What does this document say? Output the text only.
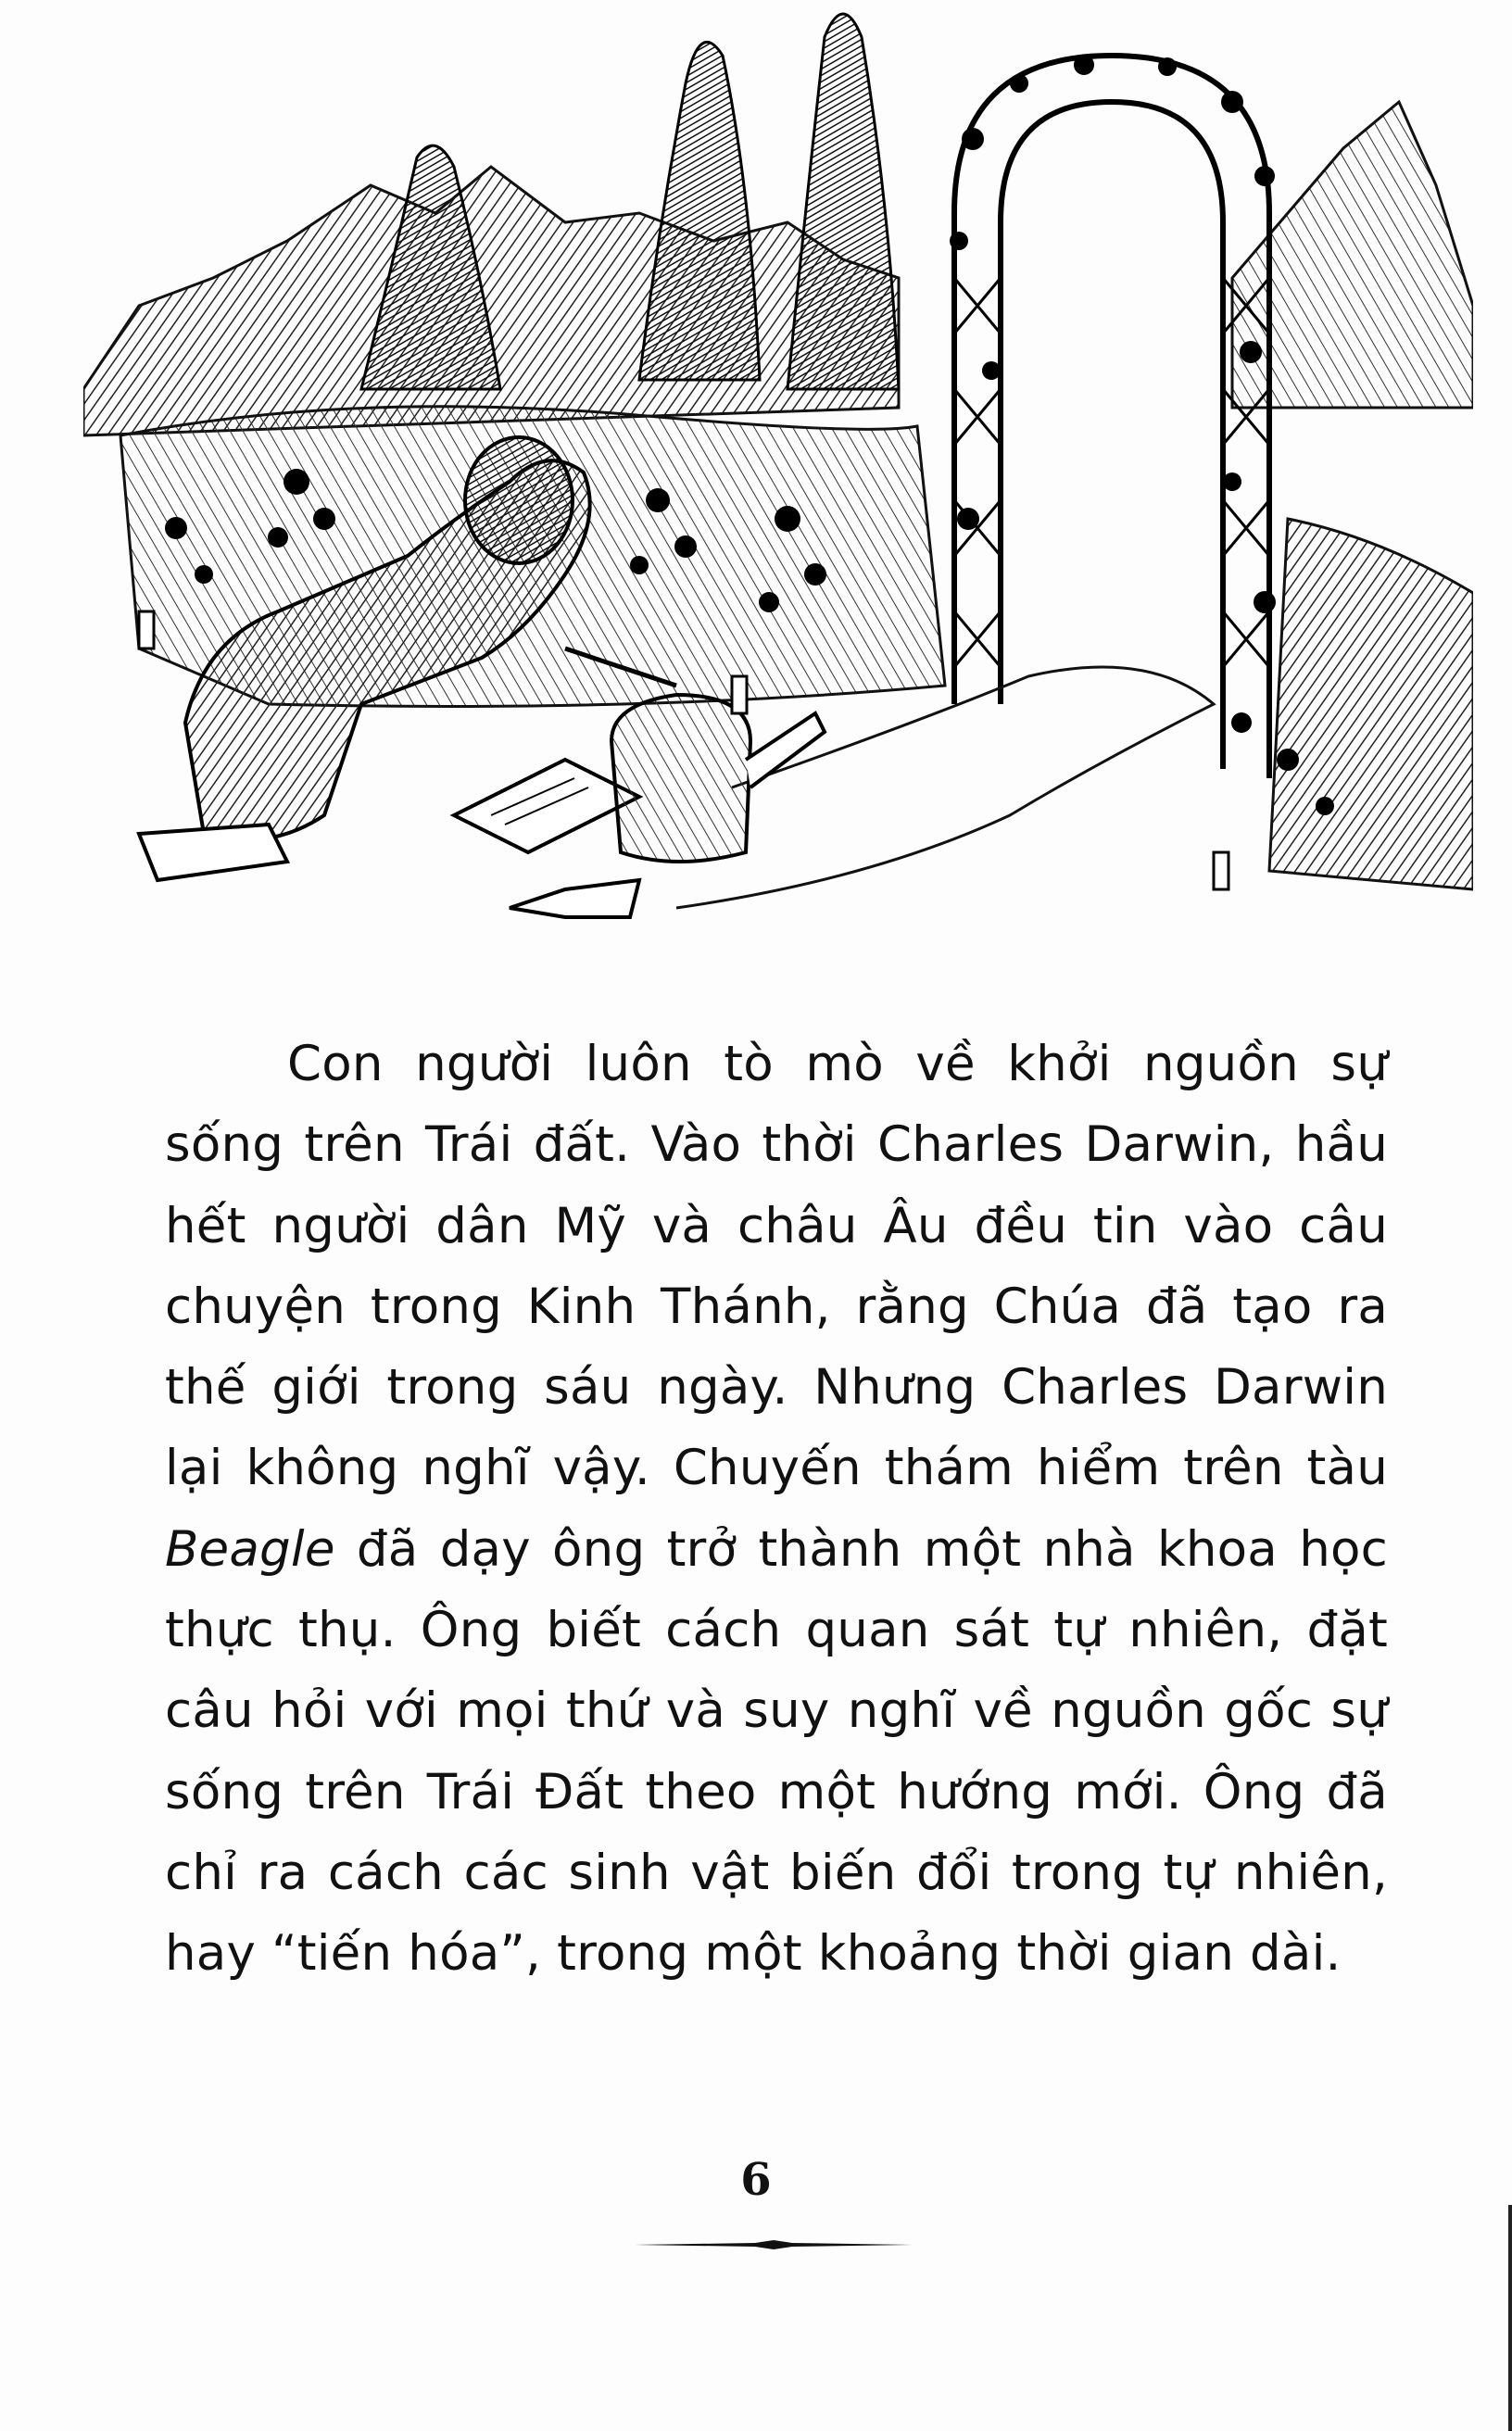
Con người luôn tò mò về khởi nguồn sự sống trên Trái đất. Vào thời Charles Darwin, hầu hết người dân Mỹ và châu Âu đều tin vào câu chuyện trong Kinh Thánh, rằng Chúa đã tạo ra thế giới trong sáu ngày. Nhưng Charles Darwin lại không nghĩ vậy. Chuyến thám hiểm trên tàu Beagle đã dạy ông trở thành một nhà khoa học thực thụ. Ông biết cách quan sát tự nhiên, đặt câu hỏi với mọi thứ và suy nghĩ về nguồn gốc sự sống trên Trái Đất theo một hướng mới. Ông đã chỉ ra cách các sinh vật biến đổi trong tự nhiên, hay “tiến hóa”, trong một khoảng thời gian dài.

6
